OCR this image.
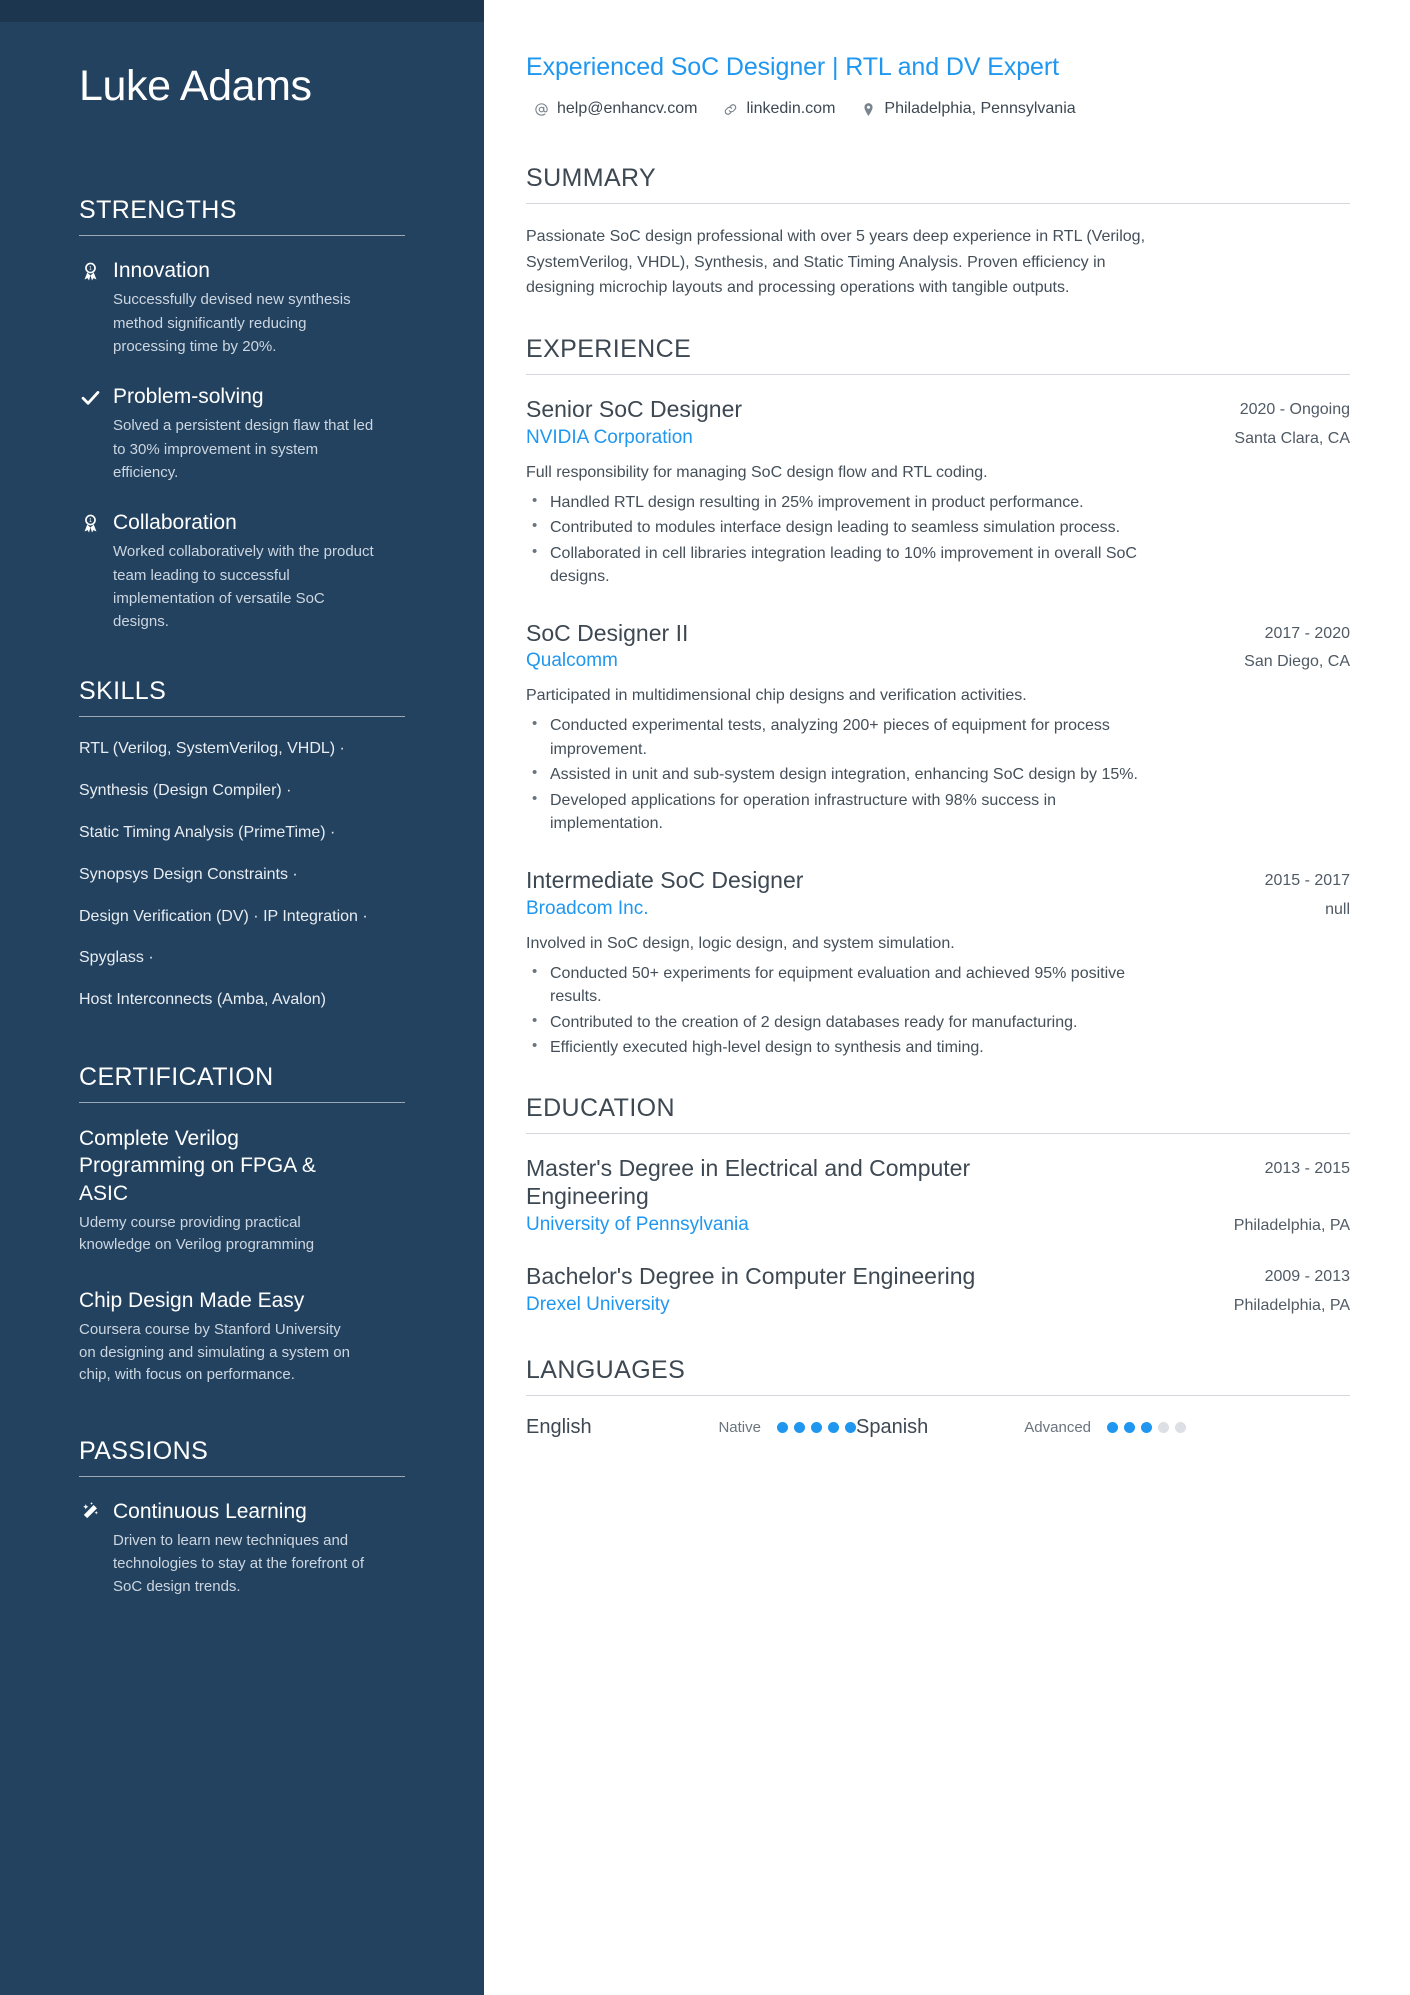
Luke Adams
STRENGTHS
1 Innovation
Successfully devised new synthesis method significantly reducing processing time by 20%.
Problem-solving
Solved a persistent design flaw that led to 30% improvement in system efficiency.
1 Collaboration
Worked collaboratively with the product team leading to successful implementation of versatile SoC designs.
SKILLS
RTL (Verilog, SystemVerilog, VHDL) ·
Synthesis (Design Compiler) ·
Static Timing Analysis (PrimeTime) ·
Synopsys Design Constraints ·
Design Verification (DV) · IP Integration ·
Spyglass ·
Host Interconnects (Amba, Avalon)
CERTIFICATION
Complete Verilog Programming on FPGA & ASIC
Udemy course providing practical knowledge on Verilog programming
Chip Design Made Easy
Coursera course by Stanford University on designing and simulating a system on chip, with focus on performance.
PASSIONS
Continuous Learning
Driven to learn new techniques and technologies to stay at the forefront of SoC design trends.
Experienced SoC Designer | RTL and DV Expert
help@enhancv.com	linkedin.com	Philadelphia, Pennsylvania
SUMMARY

Passionate SoC design professional with over 5 years deep experience in RTL (Verilog, SystemVerilog, VHDL), Synthesis, and Static Timing Analysis. Proven efficiency in designing microchip layouts and processing operations with tangible outputs.

EXPERIENCE
Senior SoC Designer	2020 - Ongoing
NVIDIA Corporation	Santa Clara, CA
Full responsibility for managing SoC design flow and RTL coding.
• Handled RTL design resulting in 25% improvement in product performance.
• Contributed to modules interface design leading to seamless simulation process.
• Collaborated in cell libraries integration leading to 10% improvement in overall SoC designs.
SoC Designer II	2017 - 2020
Qualcomm	San Diego, CA
Participated in multidimensional chip designs and verification activities.
• Conducted experimental tests, analyzing 200+ pieces of equipment for process improvement.
• Assisted in unit and sub-system design integration, enhancing SoC design by 15%.
• Developed applications for operation infrastructure with 98% success in implementation.
Intermediate SoC Designer	2015 - 2017
Broadcom Inc.	null
Involved in SoC design, logic design, and system simulation.
• Conducted 50+ experiments for equipment evaluation and achieved 95% positive results.
• Contributed to the creation of 2 design databases ready for manufacturing.
• Efficiently executed high-level design to synthesis and timing.
EDUCATION
Master's Degree in Electrical and Computer Engineering
2013 - 2015
University of Pennsylvania	Philadelphia, PA
Bachelor's Degree in Computer Engineering	2009 - 2013
Drexel University	Philadelphia, PA
LANGUAGES
English	Native	Spanish	Advanced
